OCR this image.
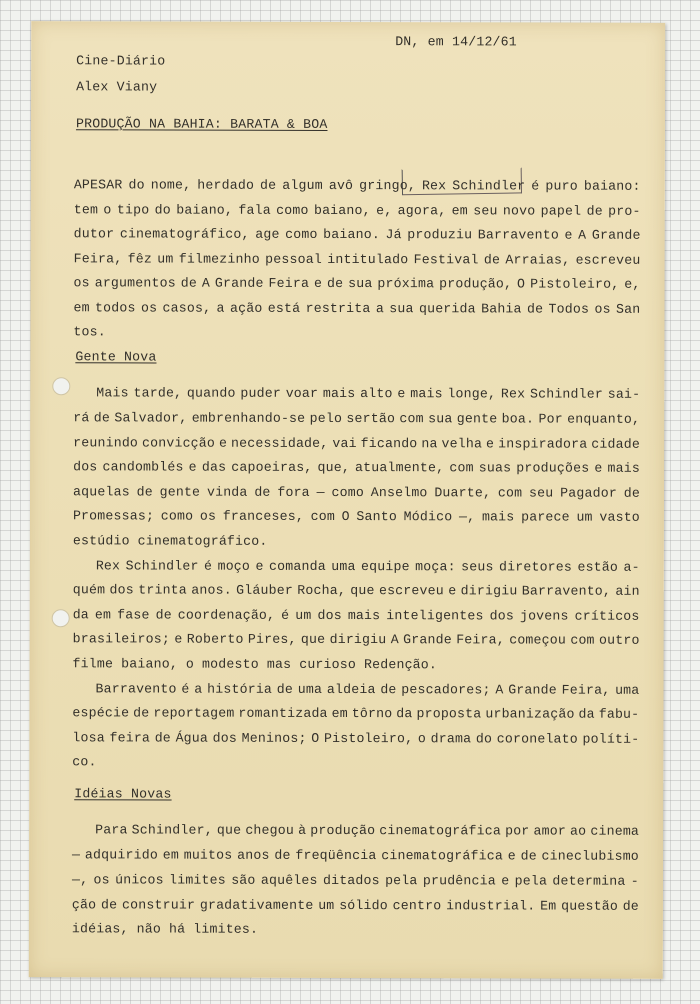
DN, em 14/12/61
Cine-Diário
Alex Viany
PRODUÇÃO NA BAHIA: BARATA & BOA
APESAR do nome, herdado de algum avô gringo, Rex Schindler é puro baiano:
tem o tipo do baiano, fala como baiano, e, agora, em seu novo papel de pro-
dutor cinematográfico, age como baiano. Já produziu Barravento e A Grande
Feira, fêz um filmezinho pessoal intitulado Festival de Arraias, escreveu
os argumentos de A Grande Feira e de sua próxima produção, O Pistoleiro, e,
em todos os casos, a ação está restrita a sua querida Bahia de Todos os San
tos.
Gente Nova
Mais tarde, quando puder voar mais alto e mais longe, Rex Schindler sai-
rá de Salvador, embrenhando-se pelo sertão com sua gente boa. Por enquanto,
reunindo convicção e necessidade, vai ficando na velha e inspiradora cidade
dos candomblés e das capoeiras, que, atualmente, com suas produções e mais
aquelas de gente vinda de fora — como Anselmo Duarte, com seu Pagador de
Promessas; como os franceses, com O Santo Módico —, mais parece um vasto
estúdio cinematográfico.
Rex Schindler é moço e comanda uma equipe moça: seus diretores estão a-
quém dos trinta anos. Gláuber Rocha, que escreveu e dirigiu Barravento, ain
da em fase de coordenação, é um dos mais inteligentes dos jovens críticos
brasileiros; e Roberto Pires, que dirigiu A Grande Feira, começou com outro
filme baiano, o modesto mas curioso Redenção.
Barravento é a história de uma aldeia de pescadores; A Grande Feira, uma
espécie de reportagem romantizada em tôrno da proposta urbanização da fabu-
losa feira de Água dos Meninos; O Pistoleiro, o drama do coronelato políti-
co.
Idéias Novas
Para Schindler, que chegou à produção cinematográfica por amor ao cinema
— adquirido em muitos anos de freqüência cinematográfica e de cineclubismo
—, os únicos limites são aquêles ditados pela prudência e pela determina -
ção de construir gradativamente um sólido centro industrial. Em questão de
idéias, não há limites.
